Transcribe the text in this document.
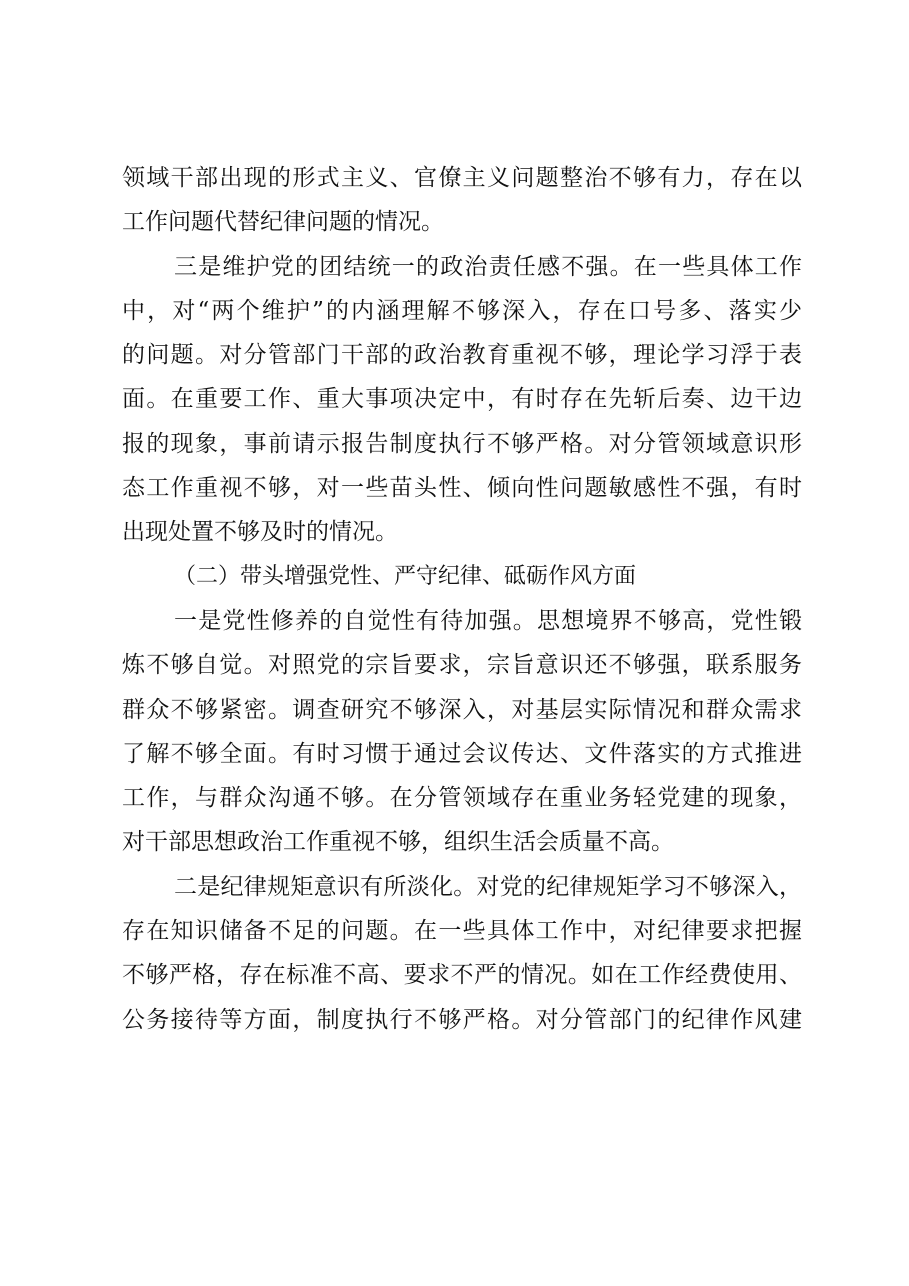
领域干部出现的形式主义、官僚主义问题整治不够有力，存在以
工作问题代替纪律问题的情况。
三是维护党的团结统一的政治责任感不强。在一些具体工作
中，对“两个维护”的内涵理解不够深入，存在口号多、落实少
的问题。对分管部门干部的政治教育重视不够，理论学习浮于表
面。在重要工作、重大事项决定中，有时存在先斩后奏、边干边
报的现象，事前请示报告制度执行不够严格。对分管领域意识形
态工作重视不够，对一些苗头性、倾向性问题敏感性不强，有时
出现处置不够及时的情况。
（二）带头增强党性、严守纪律、砥砺作风方面
一是党性修养的自觉性有待加强。思想境界不够高，党性锻
炼不够自觉。对照党的宗旨要求，宗旨意识还不够强，联系服务
群众不够紧密。调查研究不够深入，对基层实际情况和群众需求
了解不够全面。有时习惯于通过会议传达、文件落实的方式推进
工作，与群众沟通不够。在分管领域存在重业务轻党建的现象，
对干部思想政治工作重视不够，组织生活会质量不高。
二是纪律规矩意识有所淡化。对党的纪律规矩学习不够深入，
存在知识储备不足的问题。在一些具体工作中，对纪律要求把握
不够严格，存在标准不高、要求不严的情况。如在工作经费使用、
公务接待等方面，制度执行不够严格。对分管部门的纪律作风建
